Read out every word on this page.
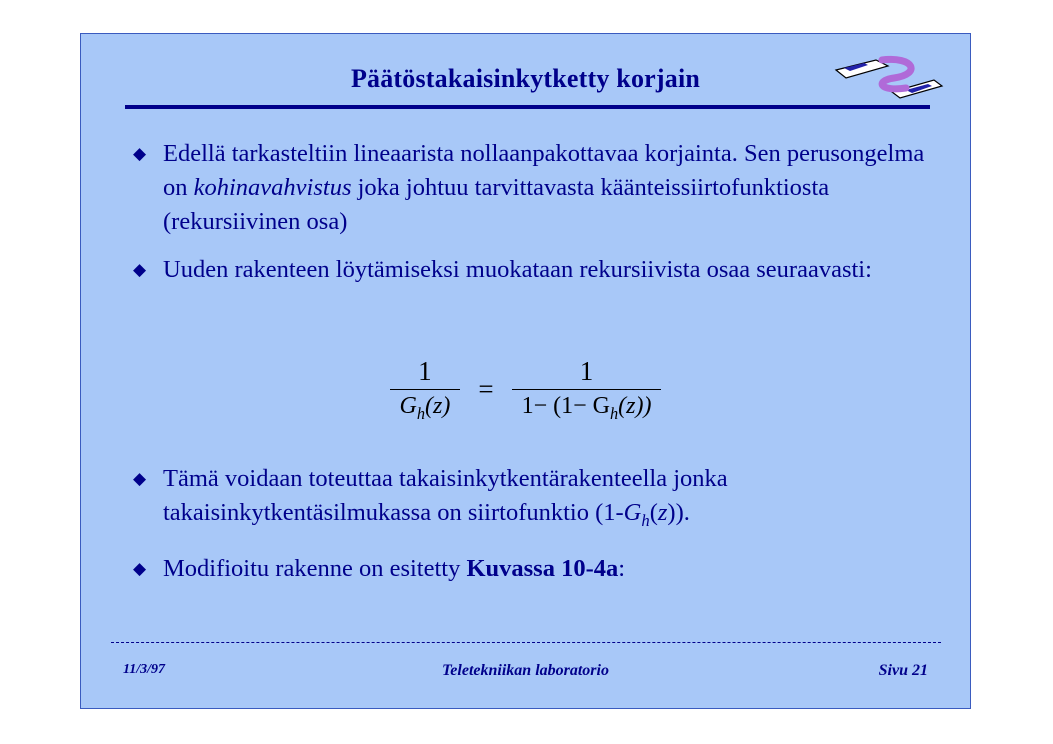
Päätöstakaisinkytketty korjain
◆ Edellä tarkasteltiin lineaarista nollaanpakottavaa korjainta. Sen perusongelma on kohinavahvistus joka johtuu tarvittavasta käänteissiirtofunktiosta (rekursiivinen osa)
◆ Uuden rakenteen löytämiseksi muokataan rekursiivista osaa seuraavasti:
$\frac{1}{G_h(z)} = \frac{1}{1- (1- G_h(z))}$
◆ Tämä voidaan toteuttaa takaisinkytkentärakenteella jonka takaisinkytkentäsilmukassa on siirtofunktio $(1-G_h(z))$.
◆ Modifioitu rakenne on esitetty Kuvassa 10-4a:
11/3/97	Teletekniikan laboratorio	Sivu 21
